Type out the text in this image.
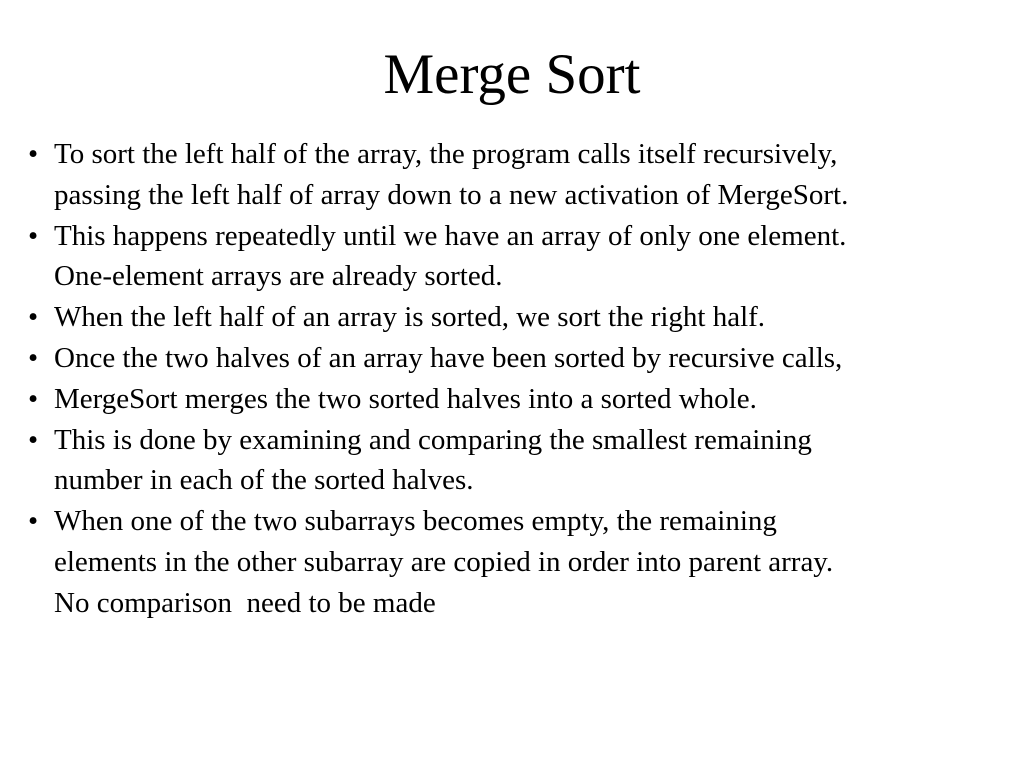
Merge Sort
• To sort the left half of the array, the program calls itself recursively,
passing the left half of array down to a new activation of MergeSort.
• This happens repeatedly until we have an array of only one element.
One-element arrays are already sorted.
• When the left half of an array is sorted, we sort the right half.
• Once the two halves of an array have been sorted by recursive calls,
• MergeSort merges the two sorted halves into a sorted whole.
• This is done by examining and comparing the smallest remaining
number in each of the sorted halves.
• When one of the two subarrays becomes empty, the remaining
elements in the other subarray are copied in order into parent array.
No comparison  need to be made
